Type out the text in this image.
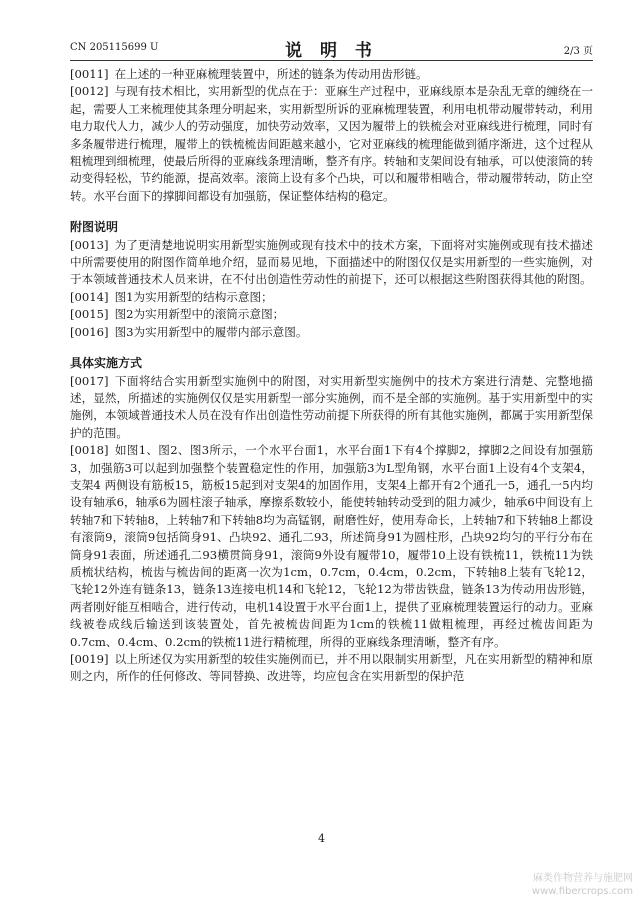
CN 205115699 U	说 明 书	2/3 页

[0011] 在上述的一种亚麻梳理装置中，所述的链条为传动用齿形链。

[0012] 与现有技术相比，实用新型的优点在于：亚麻生产过程中，亚麻线原本是杂乱无章的缠绕在一起，需要人工来梳理使其条理分明起来，实用新型所诉的亚麻梳理装置，利用电机带动履带转动，利用电力取代人力，减少人的劳动强度，加快劳动效率，又因为履带上的铁梳会对亚麻线进行梳理，同时有多条履带进行梳理，履带上的铁梳梳齿间距越来越小，它对亚麻线的梳理能做到循序渐进，这个过程从粗梳理到细梳理，使最后所得的亚麻线条理清晰，整齐有序。转轴和支架间设有轴承，可以使滚筒的转动变得轻松，节约能源，提高效率。滚筒上设有多个凸块，可以和履带相啮合，带动履带转动，防止空转。水平台面下的撑脚间都设有加强筋，保证整体结构的稳定。

附图说明

[0013] 为了更清楚地说明实用新型实施例或现有技术中的技术方案，下面将对实施例或现有技术描述中所需要使用的附图作简单地介绍，显而易见地，下面描述中的附图仅仅是实用新型的一些实施例，对于本领域普通技术人员来讲，在不付出创造性劳动性的前提下，还可以根据这些附图获得其他的附图。

[0014] 图1为实用新型的结构示意图；

[0015] 图2为实用新型中的滚筒示意图；

[0016] 图3为实用新型中的履带内部示意图。

具体实施方式

[0017] 下面将结合实用新型实施例中的附图，对实用新型实施例中的技术方案进行清楚、完整地描述，显然，所描述的实施例仅仅是实用新型一部分实施例，而不是全部的实施例。基于实用新型中的实施例，本领域普通技术人员在没有作出创造性劳动前提下所获得的所有其他实施例，都属于实用新型保护的范围。

[0018] 如图1、图2、图3所示，一个水平台面1，水平台面1下有4个撑脚2，撑脚2之间设有加强筋3，加强筋3可以起到加强整个装置稳定性的作用，加强筋3为L型角钢，水平台面1上设有4个支架4，支架4 两侧设有筋板15，筋板15起到对支架4的加固作用，支架4上都开有2个通孔一5，通孔一5内均设有轴承6，轴承6为圆柱滚子轴承，摩擦系数较小，能使转轴转动受到的阻力减少，轴承6中间设有上转轴7和下转轴8，上转轴7和下转轴8均为高锰钢，耐磨性好，使用寿命长，上转轴7和下转轴8上都设有滚筒9，滚筒9包括筒身91、凸块92、通孔二93，所述筒身91为圆柱形，凸块92均匀的平行分布在筒身91表面，所述通孔二93横贯筒身91，滚筒9外设有履带10，履带10上设有铁梳11，铁梳11为铁质梳状结构，梳齿与梳齿间的距离一次为1cm，0.7cm，0.4cm，0.2cm，下转轴8上装有飞轮12，飞轮12外连有链条13，链条13连接电机14和飞轮12，飞轮12为带齿铁盘，链条13为传动用齿形链，两者刚好能互相啮合，进行传动，电机14设置于水平台面1上，提供了亚麻梳理装置运行的动力。亚麻线被卷成线后输送到该装置处，首先被梳齿间距为1cm的铁梳11做粗梳理，再经过梳齿间距为0.7cm、0.4cm、0.2cm的铁梳11进行精梳理，所得的亚麻线条理清晰，整齐有序。

[0019] 以上所述仅为实用新型的较佳实施例而已，并不用以限制实用新型，凡在实用新型的精神和原则之内，所作的任何修改、等同替换、改进等，均应包含在实用新型的保护范

4
麻类作物营养与施肥网
www.fibercrops.com
